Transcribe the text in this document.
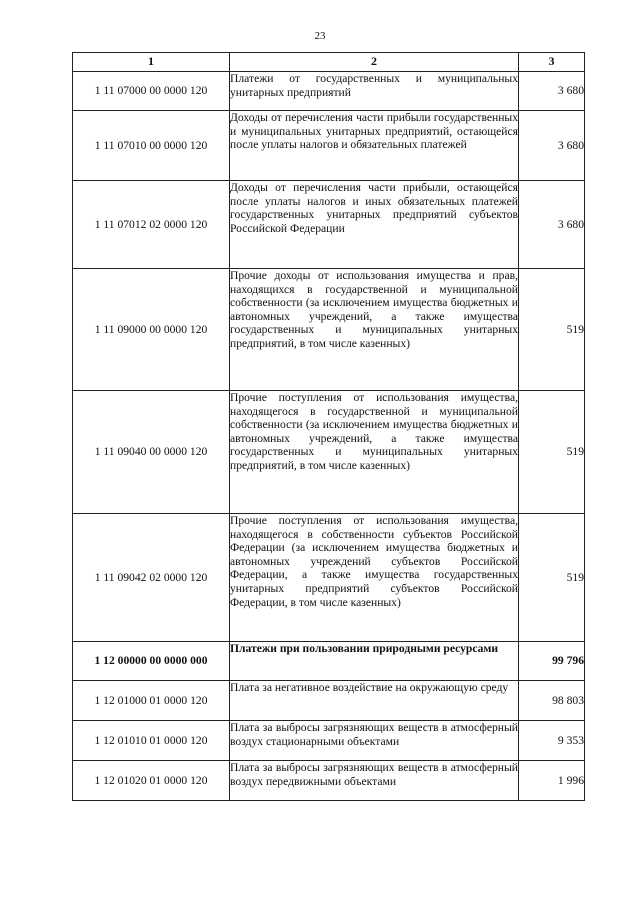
23
1	2	3
1 11 07000 00 0000 120	Платежи от государственных и муниципальных унитарных предприятий	3 680
1 11 07010 00 0000 120	Доходы от перечисления части прибыли государственных и муниципальных унитарных предприятий, остающейся после уплаты налогов и обязательных платежей	3 680
1 11 07012 02 0000 120	Доходы от перечисления части прибыли, остающейся после уплаты налогов и иных обязательных платежей государственных унитарных предприятий субъектов Российской Федерации	3 680
1 11 09000 00 0000 120	Прочие доходы от использования имущества и прав, находящихся в государственной и муниципальной собственности (за исключением имущества бюджетных и автономных учреждений, а также имущества государственных и муниципальных унитарных предприятий, в том числе казенных)	519
1 11 09040 00 0000 120	Прочие поступления от использования имущества, находящегося в государственной и муниципальной собственности (за исключением имущества бюджетных и автономных учреждений, а также имущества государственных и муниципальных унитарных предприятий, в том числе казенных)	519
1 11 09042 02 0000 120	Прочие поступления от использования имущества, находящегося в собственности субъектов Российской Федерации (за исключением имущества бюджетных и автономных учреждений субъектов Российской Федерации, а также имущества государственных унитарных предприятий субъектов Российской Федерации, в том числе казенных)	519
1 12 00000 00 0000 000	Платежи при пользовании природными ресурсами	99 796
1 12 01000 01 0000 120	Плата за негативное воздействие на окружающую среду	98 803
1 12 01010 01 0000 120	Плата за выбросы загрязняющих веществ в атмосферный воздух стационарными объектами	9 353
1 12 01020 01 0000 120	Плата за выбросы загрязняющих веществ в атмосферный воздух передвижными объектами	1 996
